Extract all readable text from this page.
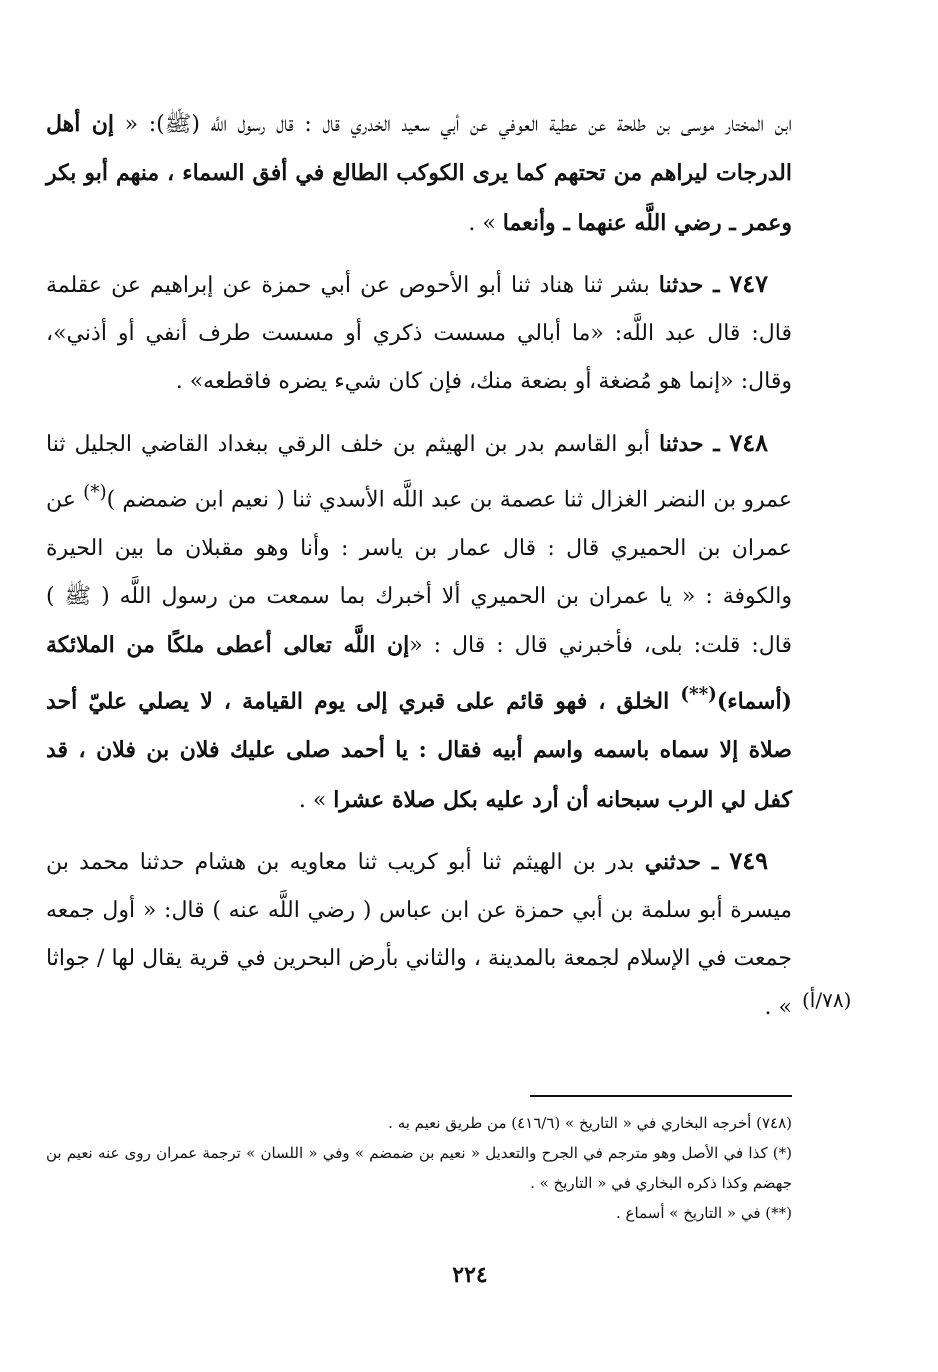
ابن المختار موسى بن طلحة عن عطية العوفي عن أبي سعيد الخدري قال : قال رسول اللَّه (ﷺ): « إن أهل الدرجات ليراهم من تحتهم كما يرى الكوكب الطالع في أفق السماء ، منهم أبو بكر وعمر ـ رضي اللَّه عنهما ـ وأنعما » .

٧٤٧ ـ حدثنا بشر ثنا هناد ثنا أبو الأحوص عن أبي حمزة عن إبراهيم عن عقلمة قال: قال عبد اللَّه: «ما أبالي مسست ذكري أو مسست طرف أنفي أو أذني»، وقال: «إنما هو مُضغة أو بضعة منك، فإن كان شيء يضره فاقطعه» .

٧٤٨ ـ حدثنا أبو القاسم بدر بن الهيثم بن خلف الرقي ببغداد القاضي الجليل ثنا عمرو بن النضر الغزال ثنا عصمة بن عبد اللَّه الأسدي ثنا ( نعيم ابن ضمضم )(*) عن عمران بن الحميري قال : قال عمار بن ياسر : وأنا وهو مقبلان ما بين الحيرة والكوفة : « يا عمران بن الحميري ألا أخبرك بما سمعت من رسول اللَّه ( ﷺ ) قال: قلت: بلى، فأخبرني قال : قال : «إن اللَّه تعالى أعطى ملكًا من الملائكة (أسماء)(**) الخلق ، فهو قائم على قبري إلى يوم القيامة ، لا يصلي عليّ أحد صلاة إلا سماه باسمه واسم أبيه فقال : يا أحمد صلى عليك فلان بن فلان ، قد كفل لي الرب سبحانه أن أرد عليه بكل صلاة عشرا » .

٧٤٩ ـ حدثني بدر بن الهيثم ثنا أبو كريب ثنا معاويه بن هشام حدثنا محمد بن ميسرة أبو سلمة بن أبي حمزة عن ابن عباس ( رضي اللَّه عنه ) قال: « أول جمعه جمعت في الإسلام لجمعة بالمدينة ، والثاني بأرض البحرين في قرية يقال لها / جواثا » . (٧٨/أ)

(٧٤٨) أخرجه البخاري في « التاريخ » (٤١٦/٦) من طريق نعيم به .

(*) كذا في الأصل وهو مترجم في الجرح والتعديل « نعيم بن ضمضم » وفي « اللسان » ترجمة عمران روى عنه نعيم بن جهضم وكذا ذكره البخاري في « التاريخ » .

(**) في « التاريخ » أسماع .

٢٢٤
